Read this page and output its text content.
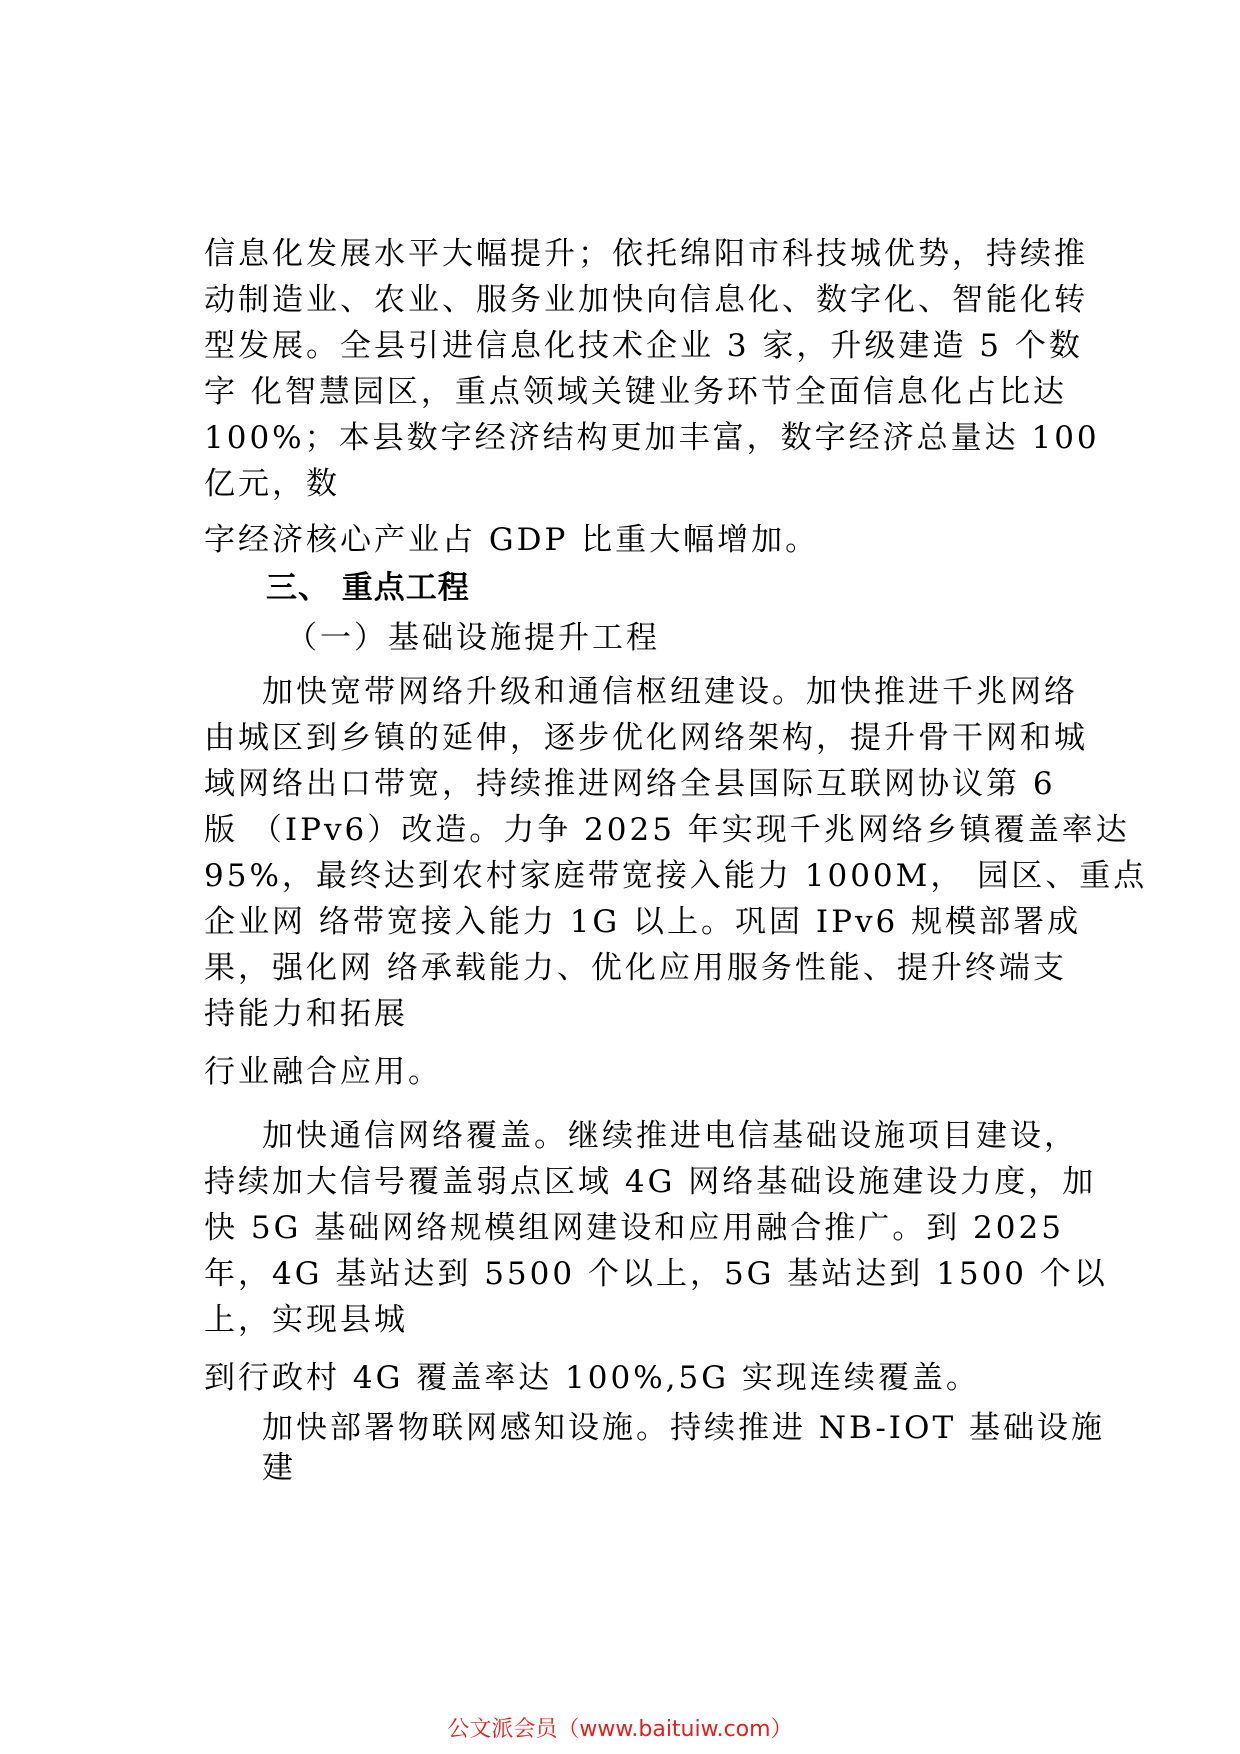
信息化发展水平大幅提升；依托绵阳市科技城优势，持续推
动制造业、农业、服务业加快向信息化、数字化、智能化转
型发展。全县引进信息化技术企业 3 家，升级建造 5 个数
字 化智慧园区，重点领域关键业务环节全面信息化占比达
100%；本县数字经济结构更加丰富，数字经济总量达 100
亿元，数
字经济核心产业占 GDP 比重大幅增加。
三、 重点工程
（一）基础设施提升工程
加快宽带网络升级和通信枢纽建设。加快推进千兆网络
由城区到乡镇的延伸，逐步优化网络架构，提升骨干网和城
域网络出口带宽，持续推进网络全县国际互联网协议第 6
版 （IPv6）改造。力争 2025 年实现千兆网络乡镇覆盖率达
95%，最终达到农村家庭带宽接入能力 1000M， 园区、重点
企业网 络带宽接入能力 1G 以上。巩固 IPv6 规模部署成
果，强化网 络承载能力、优化应用服务性能、提升终端支
持能力和拓展
行业融合应用。
加快通信网络覆盖。继续推进电信基础设施项目建设，
持续加大信号覆盖弱点区域 4G 网络基础设施建设力度，加
快 5G 基础网络规模组网建设和应用融合推广。到 2025
年，4G 基站达到 5500 个以上，5G 基站达到 1500 个以
上，实现县城
到行政村 4G 覆盖率达 100%,5G 实现连续覆盖。
加快部署物联网感知设施。持续推进 NB-IOT 基础设施
建
公文派会员（www.baituiw.com）
